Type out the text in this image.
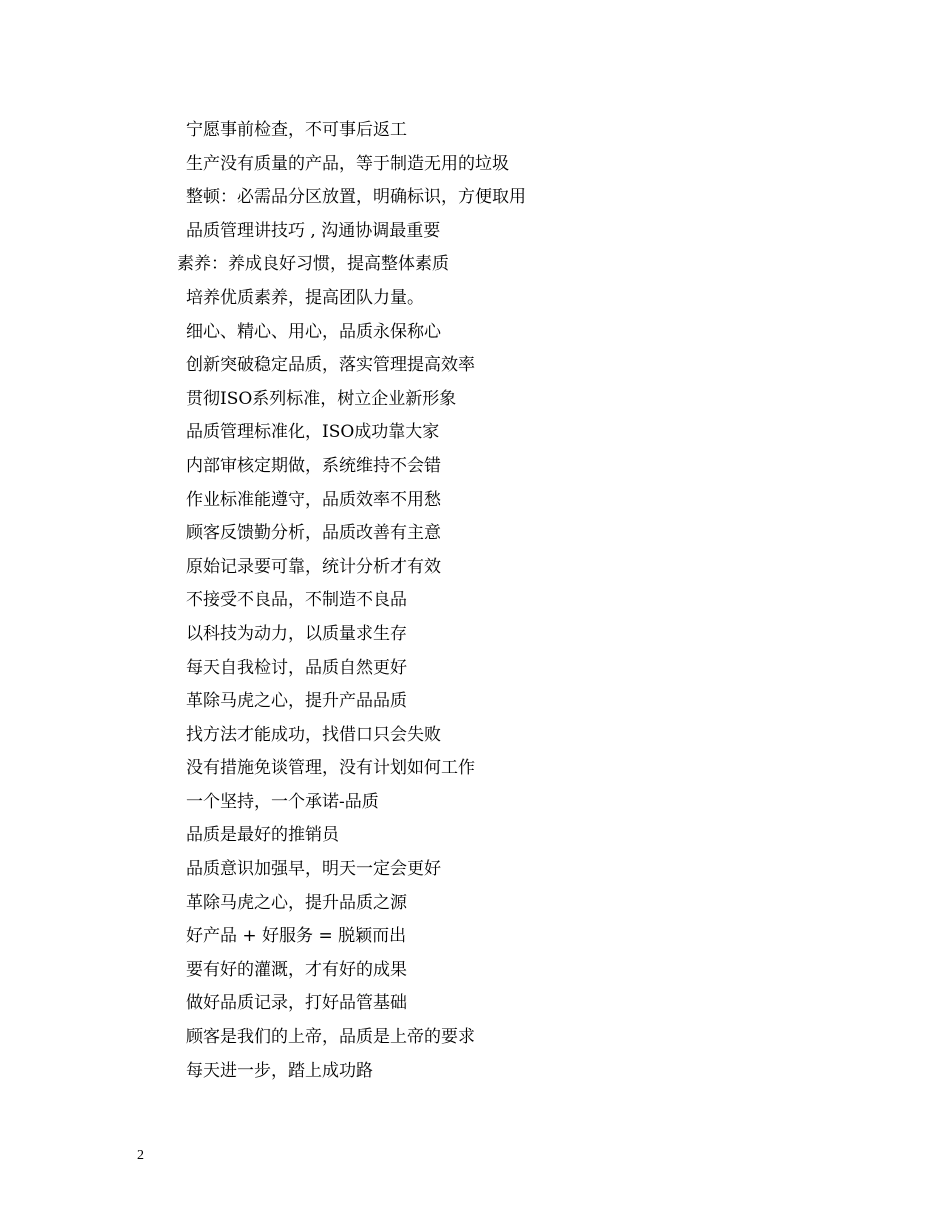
宁愿事前检查，不可事后返工
生产没有质量的产品，等于制造无用的垃圾
整顿：必需品分区放置，明确标识，方便取用
品质管理讲技巧 , 沟通协调最重要
素养：养成良好习惯，提高整体素质
培养优质素养，提高团队力量。
细心、精心、用心，品质永保称心
创新突破稳定品质，落实管理提高效率
贯彻ISO系列标准，树立企业新形象
品质管理标准化，ISO成功靠大家
内部审核定期做，系统维持不会错
作业标准能遵守，品质效率不用愁
顾客反馈勤分析，品质改善有主意
原始记录要可靠，统计分析才有效
不接受不良品，不制造不良品
以科技为动力，以质量求生存
每天自我检讨，品质自然更好
革除马虎之心，提升产品品质
找方法才能成功，找借口只会失败
没有措施免谈管理，没有计划如何工作
一个坚持，一个承诺-品质
品质是最好的推销员
品质意识加强早，明天一定会更好
革除马虎之心，提升品质之源
好产品 + 好服务 = 脱颖而出
要有好的灌溉，才有好的成果
做好品质记录，打好品管基础
顾客是我们的上帝，品质是上帝的要求
每天进一步，踏上成功路
2
